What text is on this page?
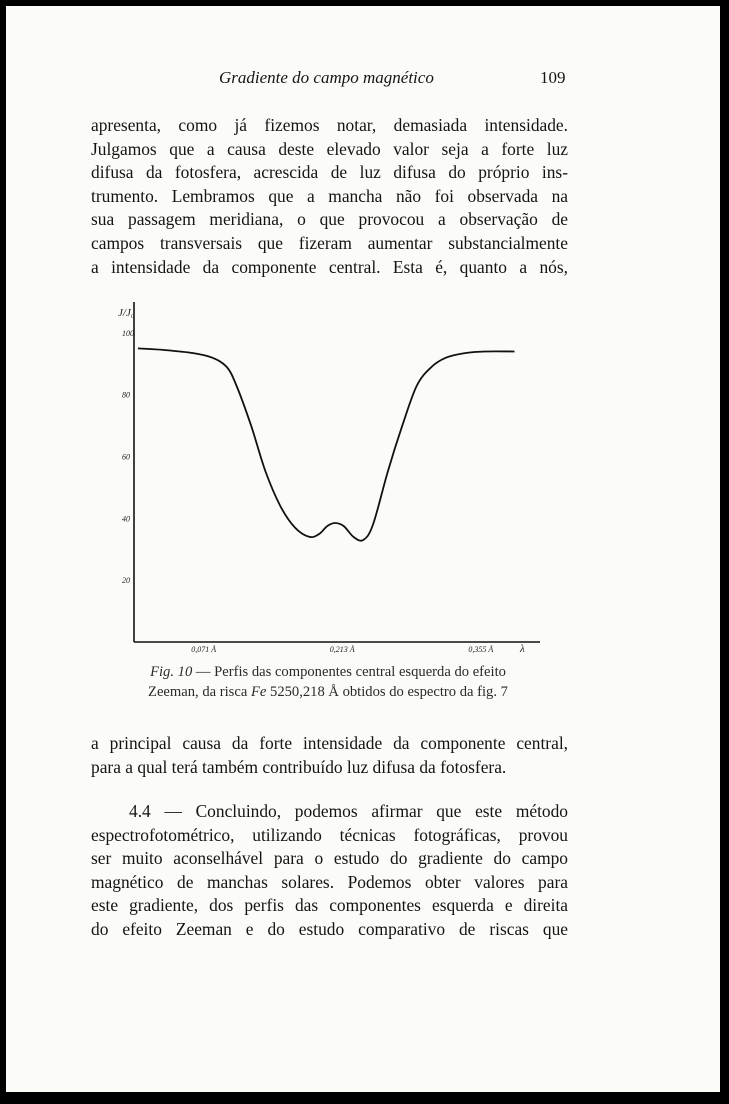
Gradiente do campo magnético	109
apresenta, como já fizemos notar, demasiada intensidade.
Julgamos que a causa deste elevado valor seja a forte luz
difusa da fotosfera, acrescida de luz difusa do próprio ins-
trumento. Lembramos que a mancha não foi observada na
sua passagem meridiana, o que provocou a observação de
campos transversais que fizeram aumentar substancialmente
a intensidade da componente central. Esta é, quanto a nós,
J/J₀
λ
100
80
60
40
20
0,071 Å	0,213 Å	0,355 Å
Fig. 10 — Perfis das componentes central esquerda do efeito
Zeeman, da risca Fe 5250,218 Å obtidos do espectro da fig. 7
a principal causa da forte intensidade da componente central,
para a qual terá também contribuído luz difusa da fotosfera.
4.4 — Concluindo, podemos afirmar que este método
espectrofotométrico, utilizando técnicas fotográficas, provou
ser muito aconselhável para o estudo do gradiente do campo
magnético de manchas solares. Podemos obter valores para
este gradiente, dos perfis das componentes esquerda e direita
do efeito Zeeman e do estudo comparativo de riscas que
